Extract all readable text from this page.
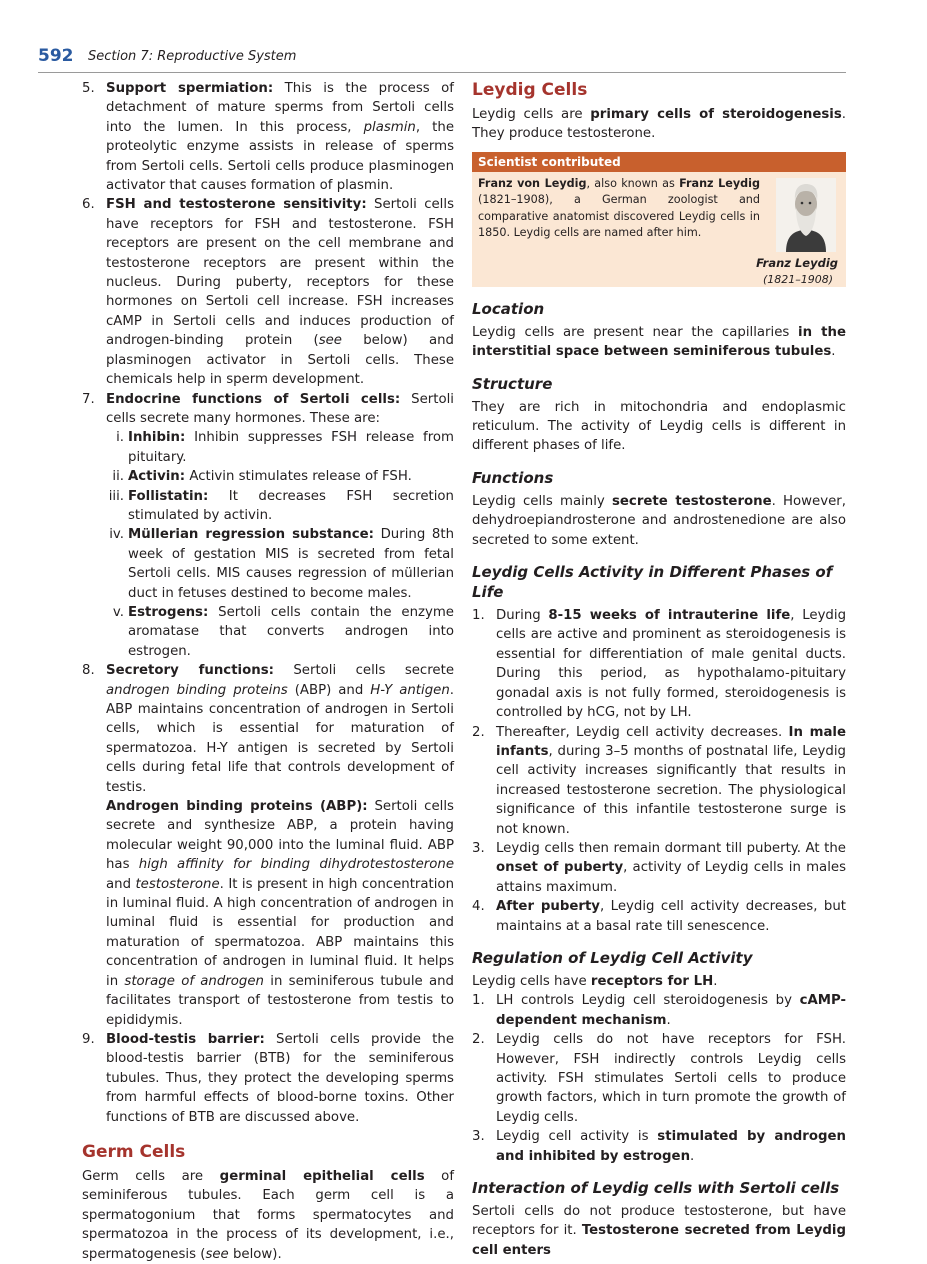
592 Section 7: Reproductive System
5. Support spermiation: This is the process of detachment of mature sperms from Sertoli cells into the lumen. In this process, plasmin, the proteolytic enzyme assists in release of sperms from Sertoli cells. Sertoli cells produce plasminogen activator that causes formation of plasmin.

6. FSH and testosterone sensitivity: Sertoli cells have receptors for FSH and testosterone. FSH receptors are present on the cell membrane and testosterone receptors are present within the nucleus. During puberty, receptors for these hormones on Sertoli cell increase. FSH increases cAMP in Sertoli cells and induces production of androgen-binding protein (see below) and plasminogen activator in Sertoli cells. These chemicals help in sperm development.

7. Endocrine functions of Sertoli cells: Sertoli cells secrete many hormones. These are:

i. Inhibin: Inhibin suppresses FSH release from pituitary.

ii. Activin: Activin stimulates release of FSH.

iii. Follistatin: It decreases FSH secretion stimulated by activin.

iv. Müllerian regression substance: During 8th week of gestation MIS is secreted from fetal Sertoli cells. MIS causes regression of müllerian duct in fetuses destined to become males.

v. Estrogens: Sertoli cells contain the enzyme aromatase that converts androgen into estrogen.

8. Secretory functions: Sertoli cells secrete androgen binding proteins (ABP) and H-Y antigen. ABP maintains concentration of androgen in Sertoli cells, which is essential for maturation of spermatozoa. H-Y antigen is secreted by Sertoli cells during fetal life that controls development of testis.

Androgen binding proteins (ABP): Sertoli cells secrete and synthesize ABP, a protein having molecular weight 90,000 into the luminal fluid. ABP has high affinity for binding dihydrotestosterone and testosterone. It is present in high concentration in luminal fluid. A high concentration of androgen in luminal fluid is essential for production and maturation of spermatozoa. ABP maintains this concentration of androgen in luminal fluid. It helps in storage of androgen in seminiferous tubule and facilitates transport of testosterone from testis to epididymis.

9. Blood-testis barrier: Sertoli cells provide the blood-testis barrier (BTB) for the seminiferous tubules. Thus, they protect the developing sperms from harmful effects of blood-borne toxins. Other functions of BTB are discussed above.

Germ Cells

Germ cells are germinal epithelial cells of seminiferous tubules. Each germ cell is a spermatogonium that forms spermatocytes and spermatozoa in the process of its development, i.e., spermatogenesis (see below).

Leydig Cells

Leydig cells are primary cells of steroidogenesis. They produce testosterone.

Scientist contributed

Franz von Leydig, also known as Franz Leydig (1821–1908), a German zoologist and comparative anatomist discovered Leydig cells in 1850. Leydig cells are named after him.

Franz Leydig
(1821–1908)
Location

Leydig cells are present near the capillaries in the interstitial space between seminiferous tubules.

Structure

They are rich in mitochondria and endoplasmic reticulum. The activity of Leydig cells is different in different phases of life.

Functions

Leydig cells mainly secrete testosterone. However, dehydroepiandrosterone and androstenedione are also secreted to some extent.

Leydig Cells Activity in Different Phases of Life
1. During 8-15 weeks of intrauterine life, Leydig cells are active and prominent as steroidogenesis is essential for differentiation of male genital ducts. During this period, as hypothalamo-pituitary gonadal axis is not fully formed, steroidogenesis is controlled by hCG, not by LH.

2. Thereafter, Leydig cell activity decreases. In male infants, during 3–5 months of postnatal life, Leydig cell activity increases significantly that results in increased testosterone secretion. The physiological significance of this infantile testosterone surge is not known.

3. Leydig cells then remain dormant till puberty. At the onset of puberty, activity of Leydig cells in males attains maximum.

4. After puberty, Leydig cell activity decreases, but maintains at a basal rate till senescence.

Regulation of Leydig Cell Activity

Leydig cells have receptors for LH.

1. LH controls Leydig cell steroidogenesis by cAMP-dependent mechanism.

2. Leydig cells do not have receptors for FSH. However, FSH indirectly controls Leydig cells activity. FSH stimulates Sertoli cells to produce growth factors, which in turn promote the growth of Leydig cells.

3. Leydig cell activity is stimulated by androgen and inhibited by estrogen.

Interaction of Leydig cells with Sertoli cells

Sertoli cells do not produce testosterone, but have receptors for it. Testosterone secreted from Leydig cell enters
